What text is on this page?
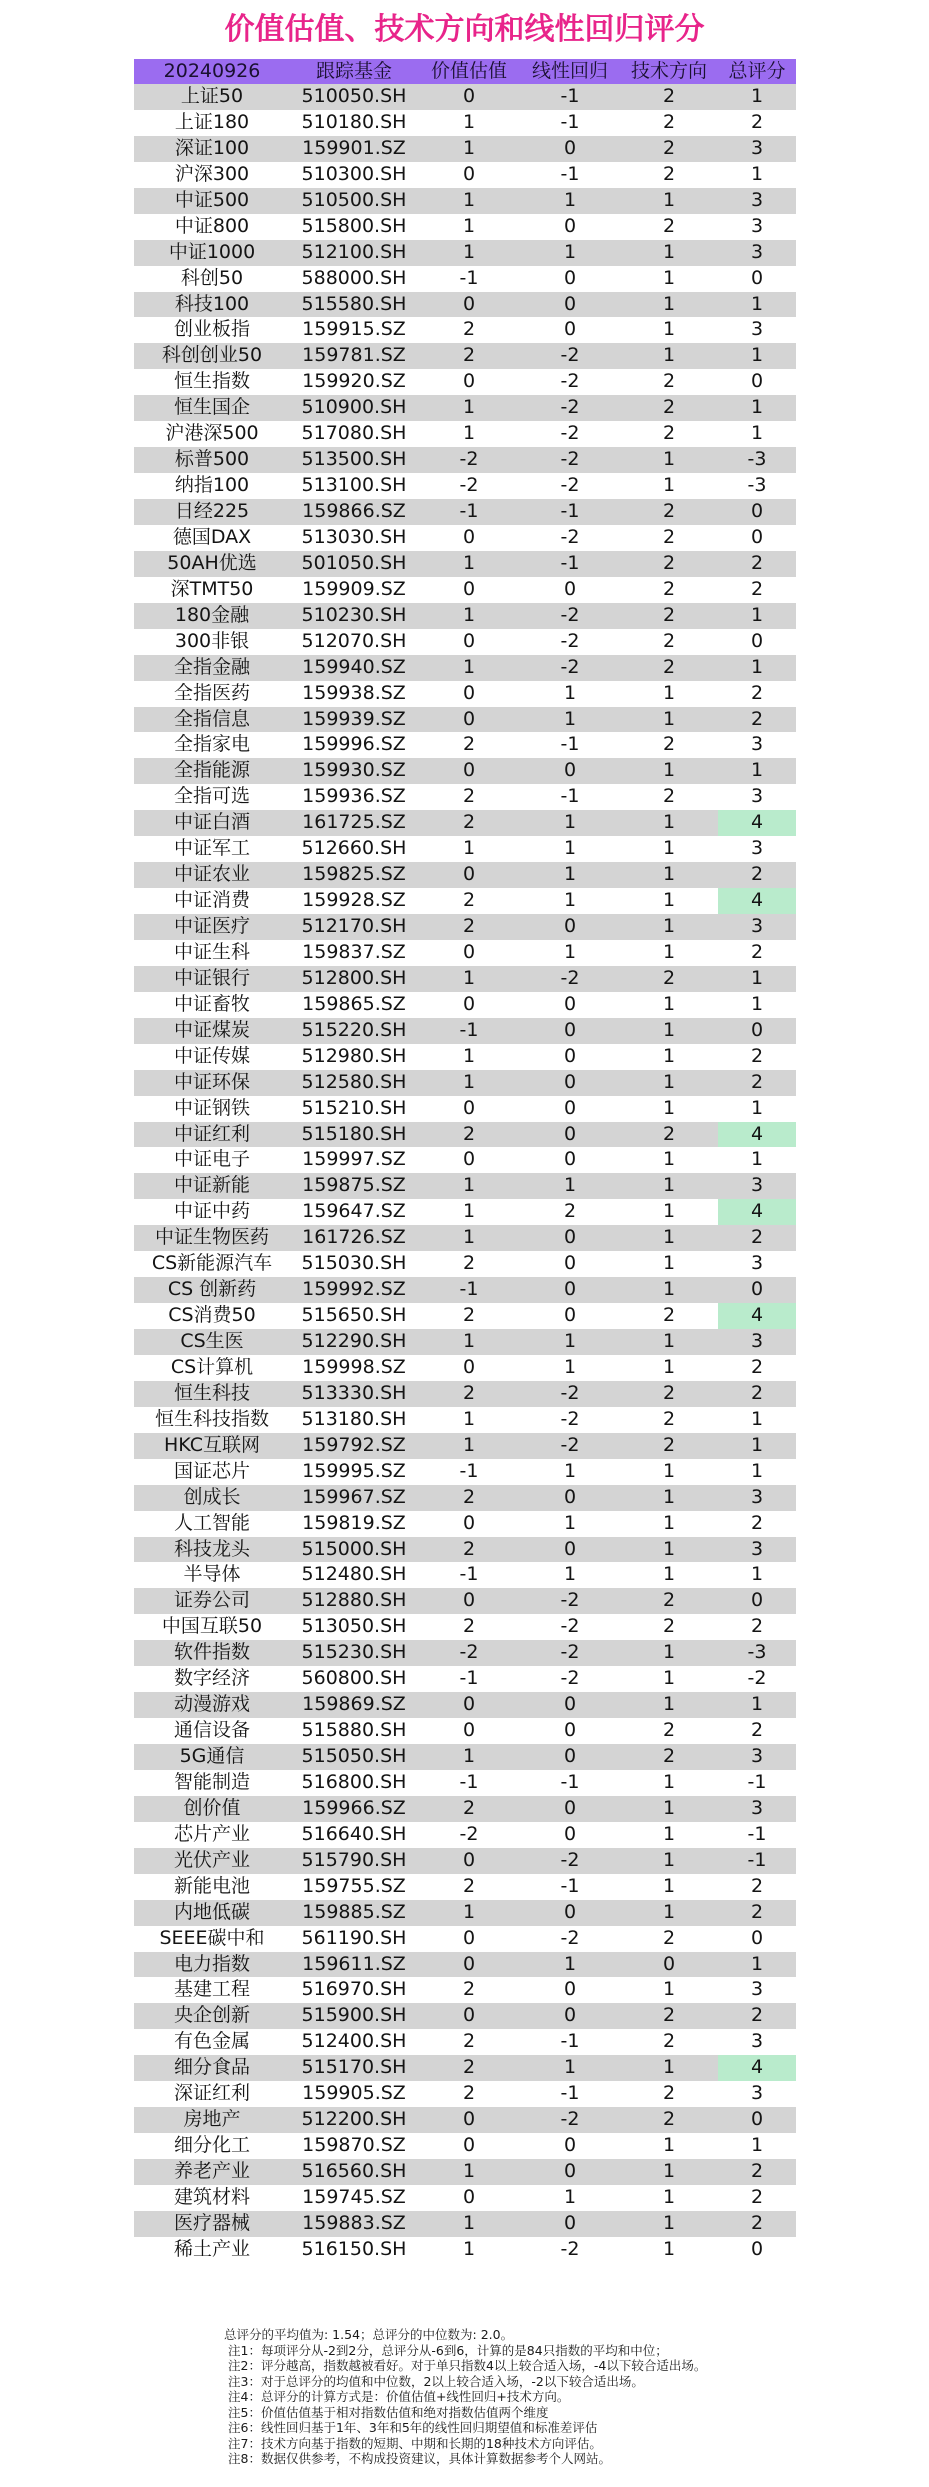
价值估值、技术方向和线性回归评分
20240926	跟踪基金	价值估值	线性回归	技术方向	总评分
上证50	510050.SH	0	-1	2	1
上证180	510180.SH	1	-1	2	2
深证100	159901.SZ	1	0	2	3
沪深300	510300.SH	0	-1	2	1
中证500	510500.SH	1	1	1	3
中证800	515800.SH	1	0	2	3
中证1000	512100.SH	1	1	1	3
科创50	588000.SH	-1	0	1	0
科技100	515580.SH	0	0	1	1
创业板指	159915.SZ	2	0	1	3
科创创业50	159781.SZ	2	-2	1	1
恒生指数	159920.SZ	0	-2	2	0
恒生国企	510900.SH	1	-2	2	1
沪港深500	517080.SH	1	-2	2	1
标普500	513500.SH	-2	-2	1	-3
纳指100	513100.SH	-2	-2	1	-3
日经225	159866.SZ	-1	-1	2	0
德国DAX	513030.SH	0	-2	2	0
50AH优选	501050.SH	1	-1	2	2
深TMT50	159909.SZ	0	0	2	2
180金融	510230.SH	1	-2	2	1
300非银	512070.SH	0	-2	2	0
全指金融	159940.SZ	1	-2	2	1
全指医药	159938.SZ	0	1	1	2
全指信息	159939.SZ	0	1	1	2
全指家电	159996.SZ	2	-1	2	3
全指能源	159930.SZ	0	0	1	1
全指可选	159936.SZ	2	-1	2	3
中证白酒	161725.SZ	2	1	1	4
中证军工	512660.SH	1	1	1	3
中证农业	159825.SZ	0	1	1	2
中证消费	159928.SZ	2	1	1	4
中证医疗	512170.SH	2	0	1	3
中证生科	159837.SZ	0	1	1	2
中证银行	512800.SH	1	-2	2	1
中证畜牧	159865.SZ	0	0	1	1
中证煤炭	515220.SH	-1	0	1	0
中证传媒	512980.SH	1	0	1	2
中证环保	512580.SH	1	0	1	2
中证钢铁	515210.SH	0	0	1	1
中证红利	515180.SH	2	0	2	4
中证电子	159997.SZ	0	0	1	1
中证新能	159875.SZ	1	1	1	3
中证中药	159647.SZ	1	2	1	4
中证生物医药	161726.SZ	1	0	1	2
CS新能源汽车	515030.SH	2	0	1	3
CS 创新药	159992.SZ	-1	0	1	0
CS消费50	515650.SH	2	0	2	4
CS生医	512290.SH	1	1	1	3
CS计算机	159998.SZ	0	1	1	2
恒生科技	513330.SH	2	-2	2	2
恒生科技指数	513180.SH	1	-2	2	1
HKC互联网	159792.SZ	1	-2	2	1
国证芯片	159995.SZ	-1	1	1	1
创成长	159967.SZ	2	0	1	3
人工智能	159819.SZ	0	1	1	2
科技龙头	515000.SH	2	0	1	3
半导体	512480.SH	-1	1	1	1
证券公司	512880.SH	0	-2	2	0
中国互联50	513050.SH	2	-2	2	2
软件指数	515230.SH	-2	-2	1	-3
数字经济	560800.SH	-1	-2	1	-2
动漫游戏	159869.SZ	0	0	1	1
通信设备	515880.SH	0	0	2	2
5G通信	515050.SH	1	0	2	3
智能制造	516800.SH	-1	-1	1	-1
创价值	159966.SZ	2	0	1	3
芯片产业	516640.SH	-2	0	1	-1
光伏产业	515790.SH	0	-2	1	-1
新能电池	159755.SZ	2	-1	1	2
内地低碳	159885.SZ	1	0	1	2
SEEE碳中和	561190.SH	0	-2	2	0
电力指数	159611.SZ	0	1	0	1
基建工程	516970.SH	2	0	1	3
央企创新	515900.SH	0	0	2	2
有色金属	512400.SH	2	-1	2	3
细分食品	515170.SH	2	1	1	4
深证红利	159905.SZ	2	-1	2	3
房地产	512200.SH	0	-2	2	0
细分化工	159870.SZ	0	0	1	1
养老产业	516560.SH	1	0	1	2
建筑材料	159745.SZ	0	1	1	2
医疗器械	159883.SZ	1	0	1	2
稀土产业	516150.SH	1	-2	1	0
总评分的平均值为: 1.54；总评分的中位数为: 2.0。
注1：每项评分从-2到2分，总评分从-6到6，计算的是84只指数的平均和中位；
注2：评分越高，指数越被看好。对于单只指数4以上较合适入场，-4以下较合适出场。
注3：对于总评分的均值和中位数，2以上较合适入场，-2以下较合适出场。
注4：总评分的计算方式是：价值估值+线性回归+技术方向。
注5：价值估值基于相对指数估值和绝对指数估值两个维度
注6：线性回归基于1年、3年和5年的线性回归期望值和标准差评估
注7：技术方向基于指数的短期、中期和长期的18种技术方向评估。
注8：数据仅供参考，不构成投资建议，具体计算数据参考个人网站。
